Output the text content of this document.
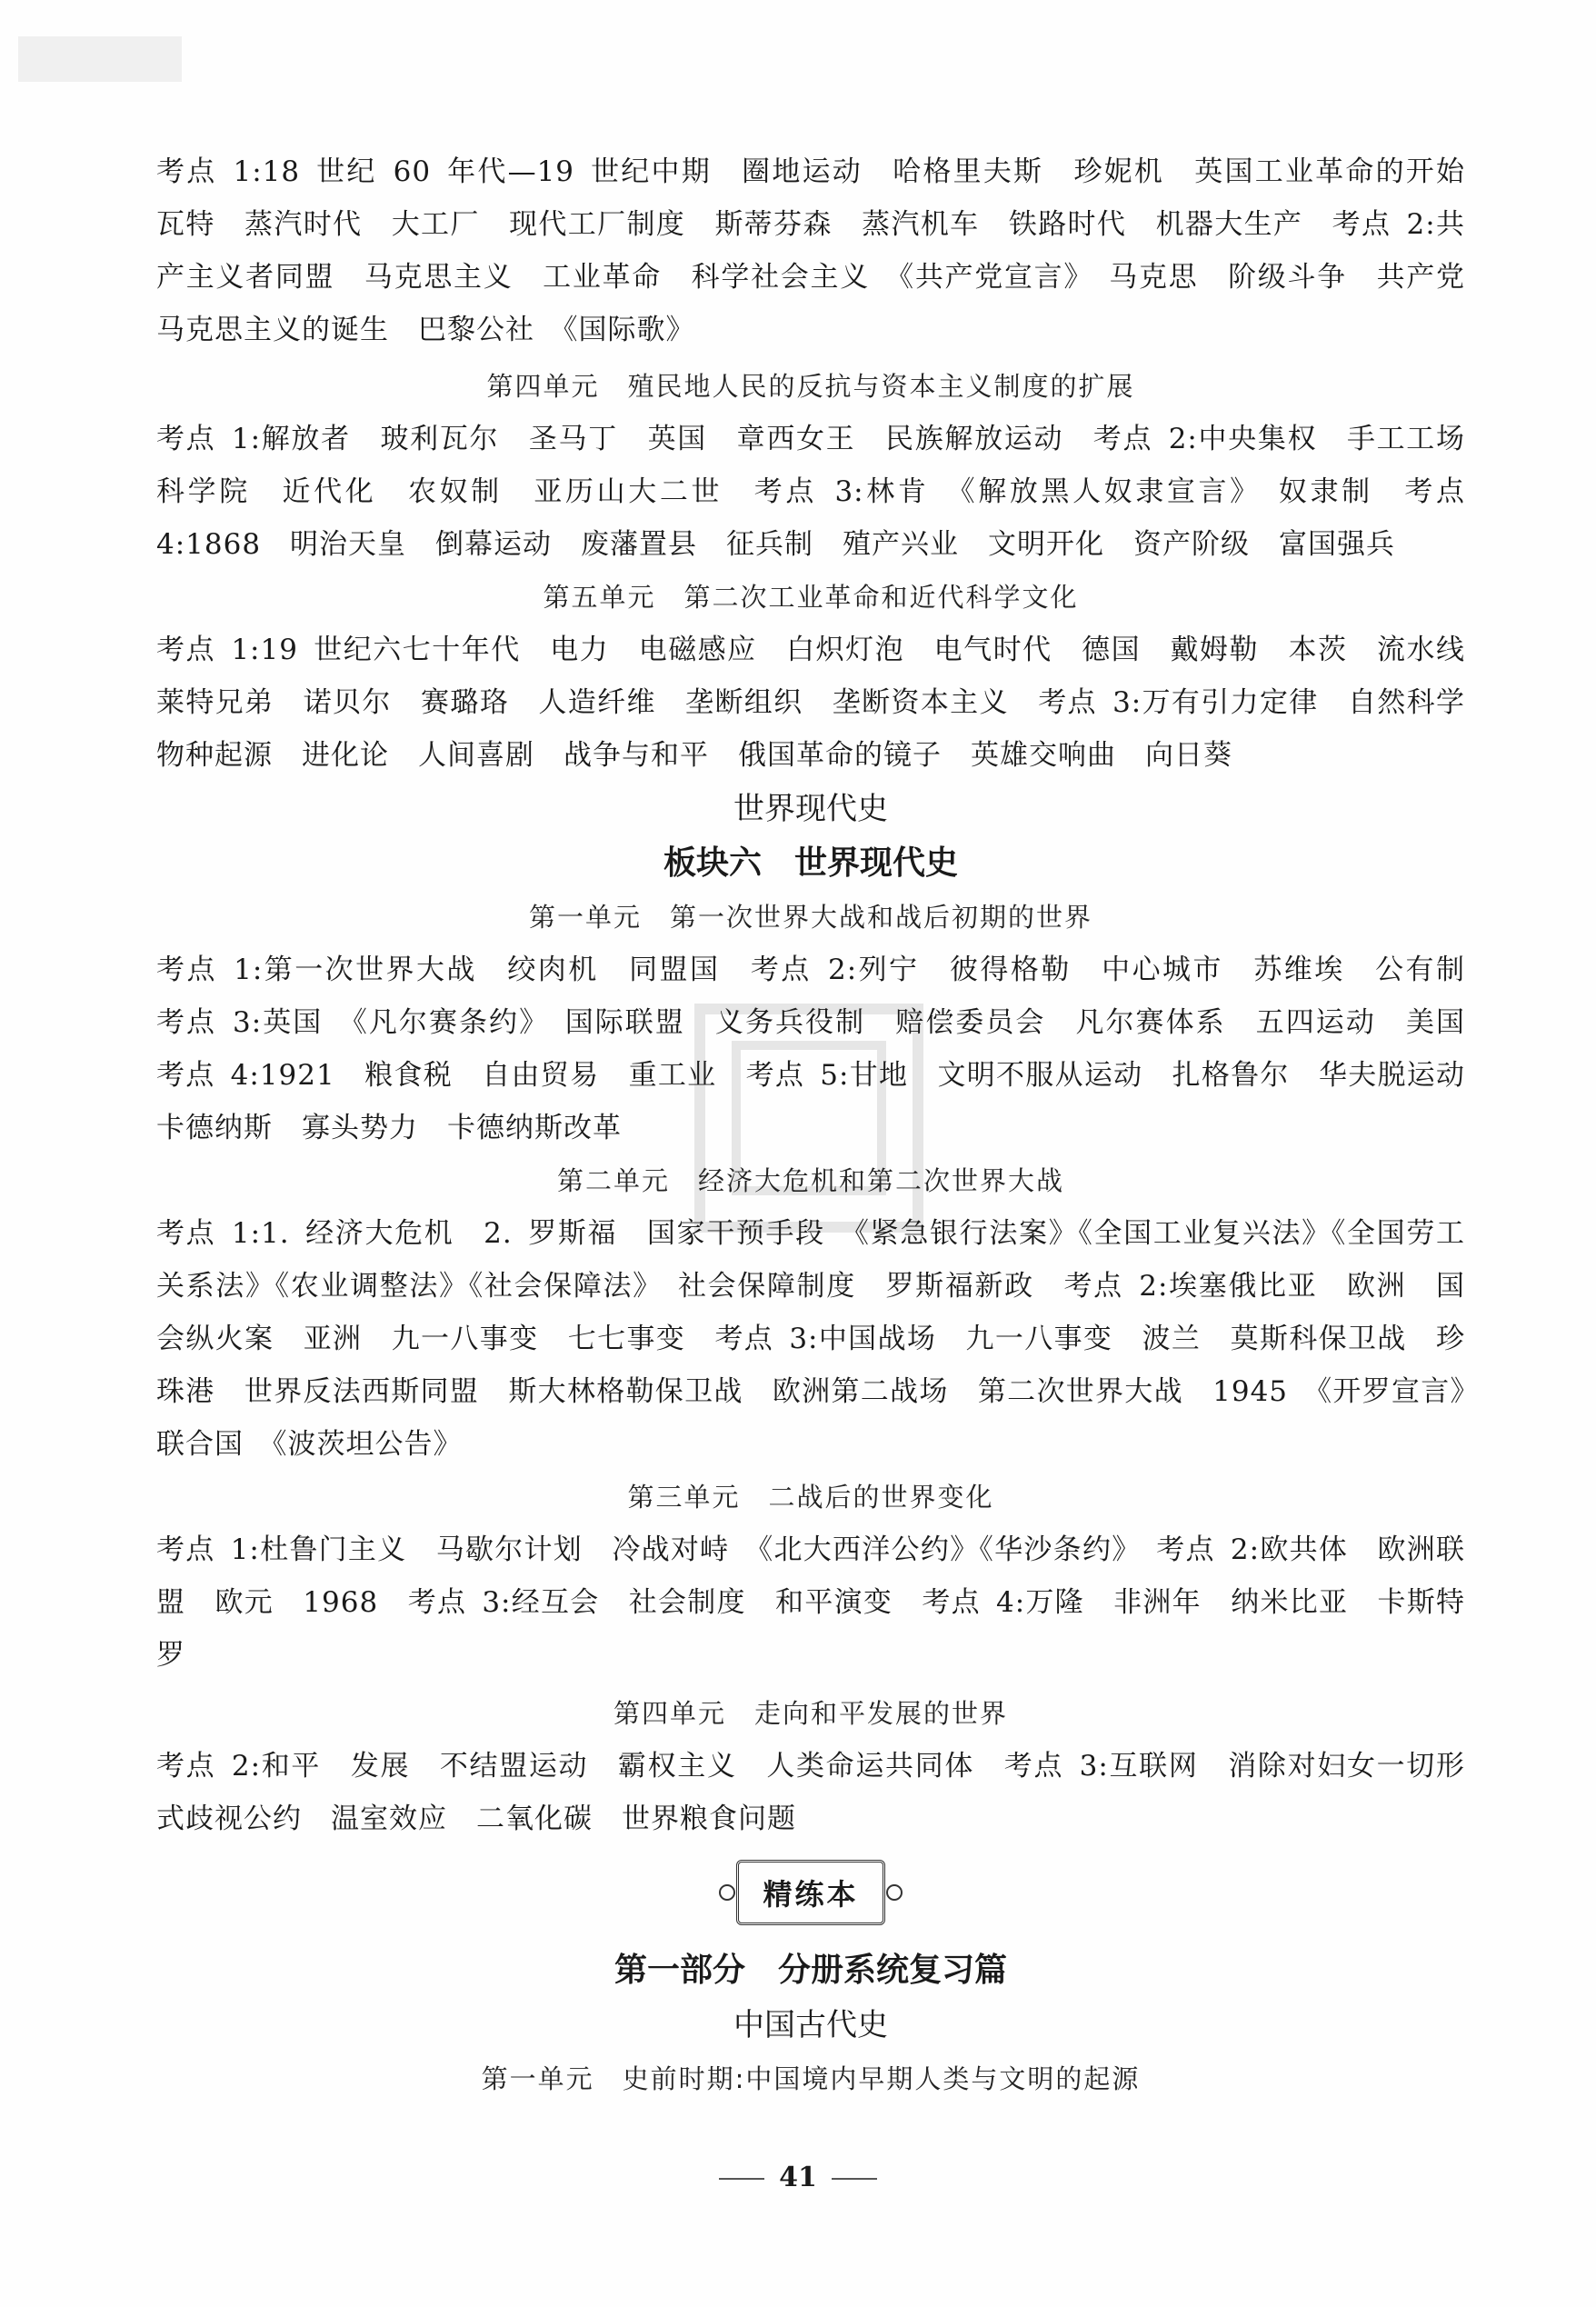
考点 1:18 世纪 60 年代—19 世纪中期　圈地运动　哈格里夫斯　珍妮机　英国工业革命的开始　瓦特　蒸汽时代　大工厂　现代工厂制度　斯蒂芬森　蒸汽机车　铁路时代　机器大生产　考点 2:共产主义者同盟　马克思主义　工业革命　科学社会主义　《共产党宣言》　马克思　阶级斗争　共产党　马克思主义的诞生　巴黎公社　《国际歌》

第四单元　殖民地人民的反抗与资本主义制度的扩展

考点 1:解放者　玻利瓦尔　圣马丁　英国　章西女王　民族解放运动　考点 2:中央集权　手工工场　科学院　近代化　农奴制　亚历山大二世　考点 3:林肯　《解放黑人奴隶宣言》　奴隶制　考点 4:1868　明治天皇　倒幕运动　废藩置县　征兵制　殖产兴业　文明开化　资产阶级　富国强兵

第五单元　第二次工业革命和近代科学文化

考点 1:19 世纪六七十年代　电力　电磁感应　白炽灯泡　电气时代　德国　戴姆勒　本茨　流水线　莱特兄弟　诺贝尔　赛璐珞　人造纤维　垄断组织　垄断资本主义　考点 3:万有引力定律　自然科学　物种起源　进化论　人间喜剧　战争与和平　俄国革命的镜子　英雄交响曲　向日葵

世界现代史

板块六　世界现代史

第一单元　第一次世界大战和战后初期的世界

考点 1:第一次世界大战　绞肉机　同盟国　考点 2:列宁　彼得格勒　中心城市　苏维埃　公有制　考点 3:英国　《凡尔赛条约》　国际联盟　义务兵役制　赔偿委员会　凡尔赛体系　五四运动　美国　考点 4:1921　粮食税　自由贸易　重工业　考点 5:甘地　文明不服从运动　扎格鲁尔　华夫脱运动　卡德纳斯　寡头势力　卡德纳斯改革

第二单元　经济大危机和第二次世界大战

考点 1:1. 经济大危机　2. 罗斯福　国家干预手段　《紧急银行法案》《全国工业复兴法》《全国劳工关系法》《农业调整法》《社会保障法》　社会保障制度　罗斯福新政　考点 2:埃塞俄比亚　欧洲　国会纵火案　亚洲　九一八事变　七七事变　考点 3:中国战场　九一八事变　波兰　莫斯科保卫战　珍珠港　世界反法西斯同盟　斯大林格勒保卫战　欧洲第二战场　第二次世界大战　1945　《开罗宣言》　联合国　《波茨坦公告》

第三单元　二战后的世界变化

考点 1:杜鲁门主义　马歇尔计划　冷战对峙　《北大西洋公约》《华沙条约》　考点 2:欧共体　欧洲联盟　欧元　1968　考点 3:经互会　社会制度　和平演变　考点 4:万隆　非洲年　纳米比亚　卡斯特罗

第四单元　走向和平发展的世界

考点 2:和平　发展　不结盟运动　霸权主义　人类命运共同体　考点 3:互联网　消除对妇女一切形式歧视公约　温室效应　二氧化碳　世界粮食问题

精练本

第一部分　分册系统复习篇

中国古代史

第一单元　史前时期:中国境内早期人类与文明的起源

41
